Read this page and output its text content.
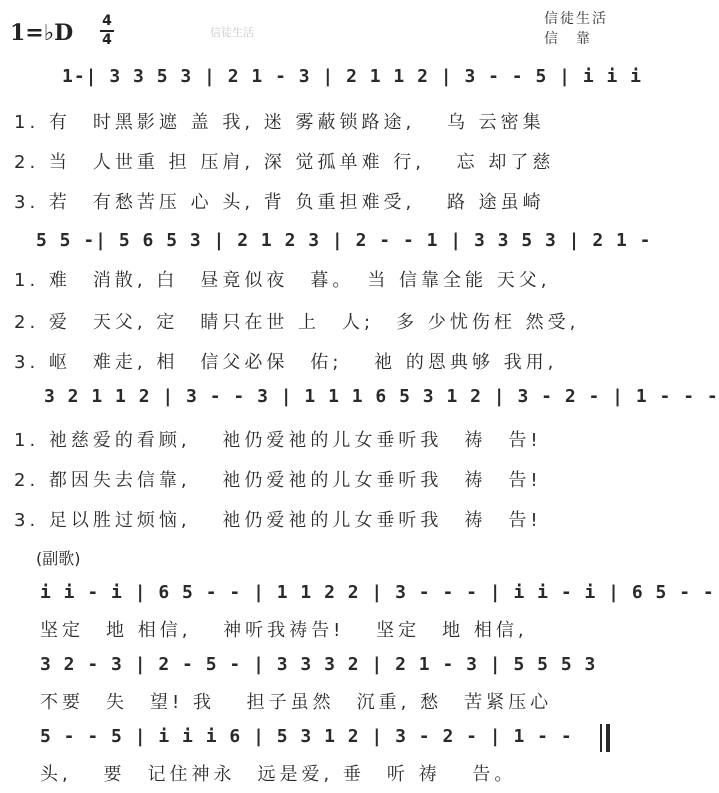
1=♭D 4
4	信徒生活
信徒生活
信　靠
1-| 3 3 5 3 | 2 1 - 3 | 2 1 1 2 | 3 - - 5 | i i i
1. 有　时黑影遮 盖 我, 迷 雾蔽锁路途,　 乌 云密集
2. 当　人世重 担 压肩, 深 觉孤单难 行,　 忘 却了慈
3. 若　有愁苦压 心 头, 背 负重担难受,　 路 途虽崎
5 5 -| 5 6 5 3 | 2 1 2 3 | 2 - - 1 | 3 3 5 3 | 2 1 -
1. 难　消散, 白　昼竟似夜　暮。　当 信靠全能 天父,
2. 爱　天父, 定　睛只在世 上　人;　多 少忧伤枉 然受,
3. 岖　难走, 相　信父必保　佑;　 祂 的恩典够 我用,
3 2 1 1 2 | 3 - - 3 | 1 1 1 6 5 3 1 2 | 3 - 2 - | 1 - - -
1. 祂慈爱的看顾,　 祂仍爱祂的儿女垂听我　祷　告!
2. 都因失去信靠,　 祂仍爱祂的儿女垂听我　祷　告!
3. 足以胜过烦恼,　 祂仍爱祂的儿女垂听我　祷　告!
(副歌)
i i - i | 6 5 - - | 1 1 2 2 | 3 - - - | i i - i | 6 5 - -
坚定　地 相信,　 神听我祷告!　 坚定　地 相信,
3 2 - 3 | 2 - 5 - | 3 3 3 2 | 2 1 - 3 | 5 5 5 3
不要　失　望! 我　 担子虽然　沉重, 愁　苦紧压心
5 - - 5 | i i i 6 | 5 3 1 2 | 3 - 2 - | 1 - -
头,　 要　记住神永　远是爱, 垂　听 祷　 告。
